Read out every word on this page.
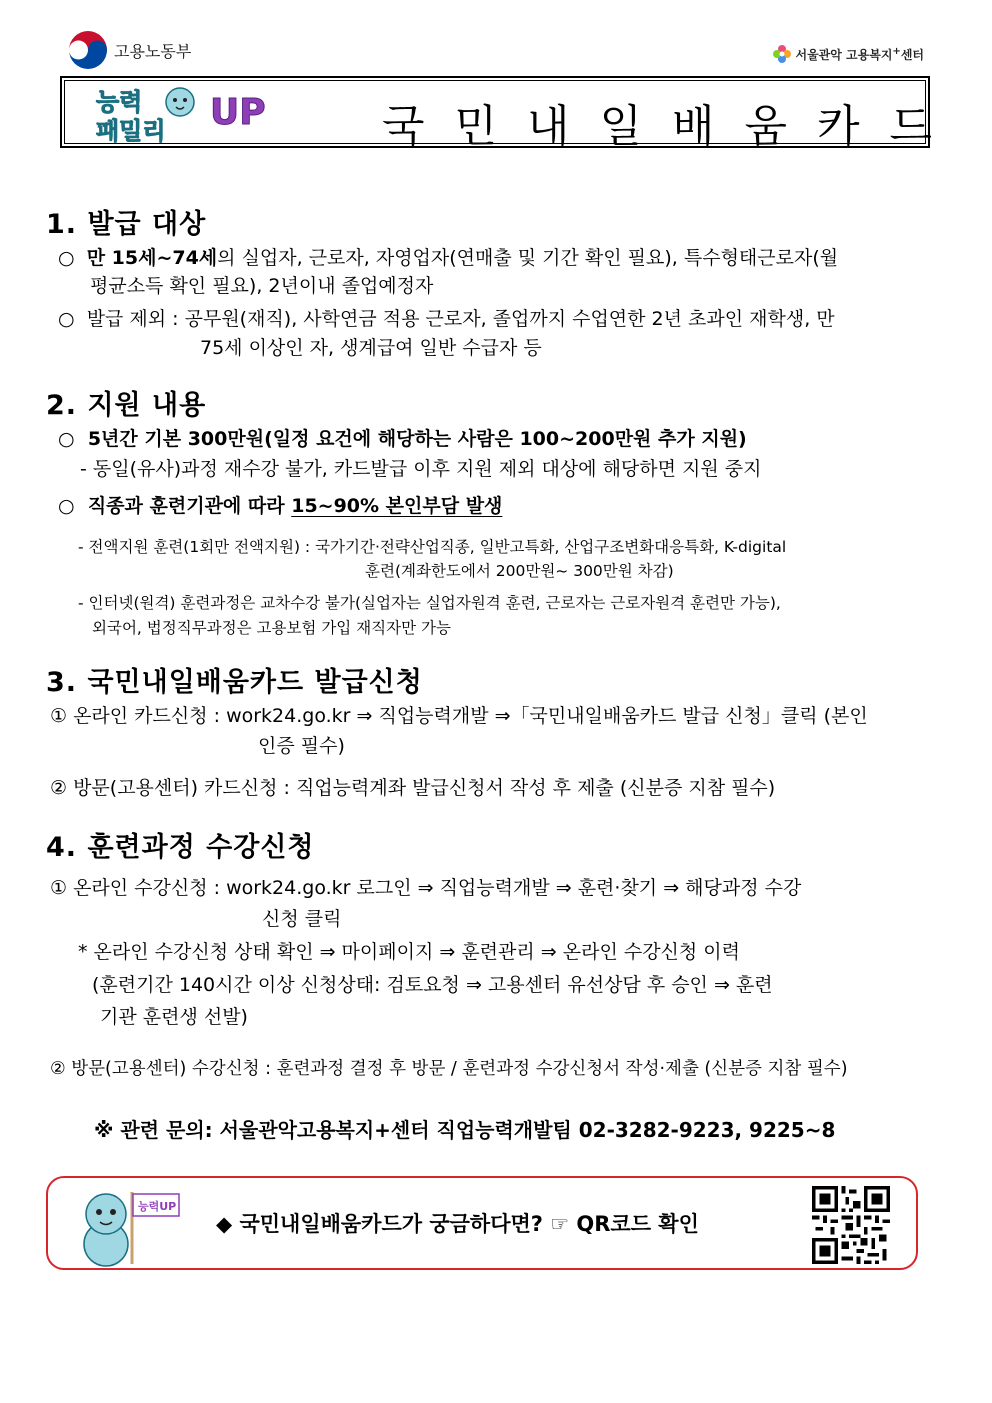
고용노동부	서울관악 고용복지+센터
능력
패밀리 UP	국민내일배움카드
1. 발급 대상
○ 만 15세~74세의 실업자, 근로자, 자영업자(연매출 및 기간 확인 필요), 특수형태근로자(월
평균소득 확인 필요), 2년이내 졸업예정자
○ 발급 제외 : 공무원(재직), 사학연금 적용 근로자, 졸업까지 수업연한 2년 초과인 재학생, 만
75세 이상인 자, 생계급여 일반 수급자 등
2. 지원 내용
○ 5년간 기본 300만원(일정 요건에 해당하는 사람은 100~200만원 추가 지원)
- 동일(유사)과정 재수강 불가, 카드발급 이후 지원 제외 대상에 해당하면 지원 중지
○ 직종과 훈련기관에 따라 15~90% 본인부담 발생
- 전액지원 훈련(1회만 전액지원) : 국가기간·전략산업직종, 일반고특화, 산업구조변화대응특화, K-digital
훈련(계좌한도에서 200만원~ 300만원 차감)
- 인터넷(원격) 훈련과정은 교차수강 불가(실업자는 실업자원격 훈련, 근로자는 근로자원격 훈련만 가능),
외국어, 법정직무과정은 고용보험 가입 재직자만 가능
3. 국민내일배움카드 발급신청
① 온라인 카드신청 : work24.go.kr ⇒ 직업능력개발 ⇒「국민내일배움카드 발급 신청」클릭 (본인
인증 필수)
② 방문(고용센터) 카드신청 : 직업능력계좌 발급신청서 작성 후 제출 (신분증 지참 필수)
4. 훈련과정 수강신청
① 온라인 수강신청 : work24.go.kr 로그인 ⇒ 직업능력개발 ⇒ 훈련·찾기 ⇒ 해당과정 수강
신청 클릭
* 온라인 수강신청 상태 확인 ⇒ 마이페이지 ⇒ 훈련관리 ⇒ 온라인 수강신청 이력
(훈련기간 140시간 이상 신청상태: 검토요청 ⇒ 고용센터 유선상담 후 승인 ⇒ 훈련
기관 훈련생 선발)
② 방문(고용센터) 수강신청 : 훈련과정 결정 후 방문 / 훈련과정 수강신청서 작성·제출 (신분증 지참 필수)
※ 관련 문의: 서울관악고용복지+센터 직업능력개발팀 02-3282-9223, 9225~8
능력UP
◆ 국민내일배움카드가 궁금하다면? ☞ QR코드 확인
